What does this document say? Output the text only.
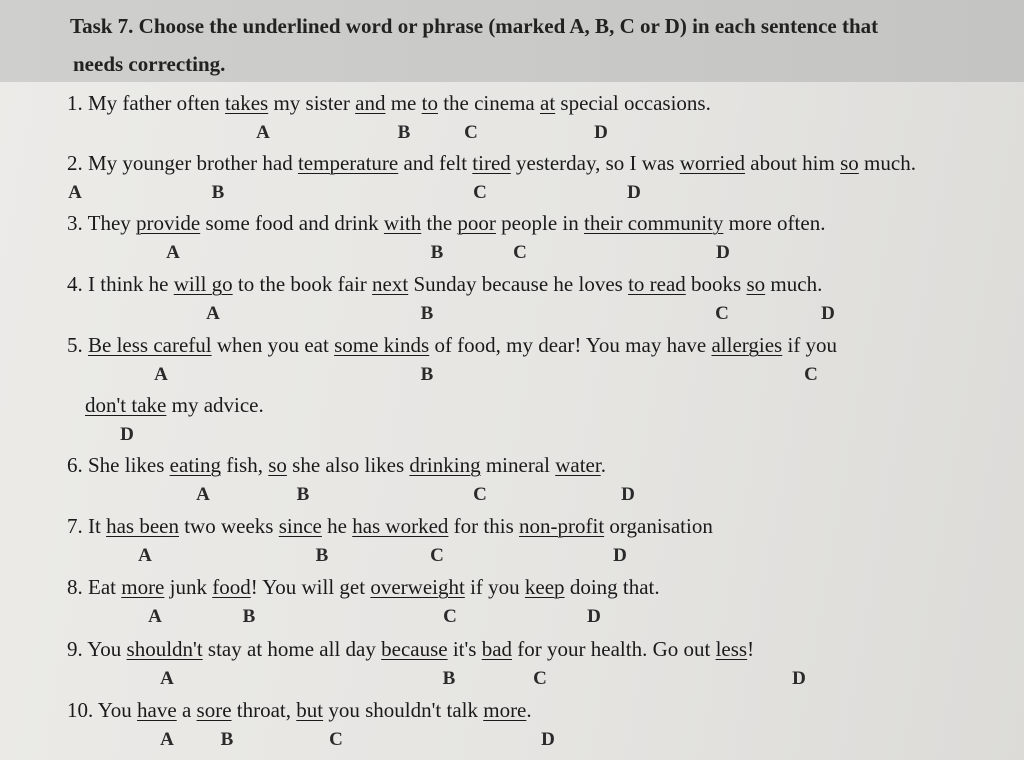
Task 7. Choose the underlined word or phrase (marked A, B, C or D) in each sentence that
needs correcting.
1. My father often takes my sister and me to the cinema at special occasions.
A	B	C	D
2. My younger brother had temperature and felt tired yesterday, so I was worried about him so much.
A	B	C	D
3. They provide some food and drink with the poor people in their community more often.
A	B	C	D
4. I think he will go to the book fair next Sunday because he loves to read books so much.
A	B	C	D
5. Be less careful when you eat some kinds of food, my dear! You may have allergies if you
A	B	C
don't take my advice.
D
6. She likes eating fish, so she also likes drinking mineral water.
A	B	C	D
7. It has been two weeks since he has worked for this non-profit organisation
A	B	C	D
8. Eat more junk food! You will get overweight if you keep doing that.
A	B	C	D
9. You shouldn't stay at home all day because it's bad for your health. Go out less!
A	B	C	D
10. You have a sore throat, but you shouldn't talk more.
A B	C	D
